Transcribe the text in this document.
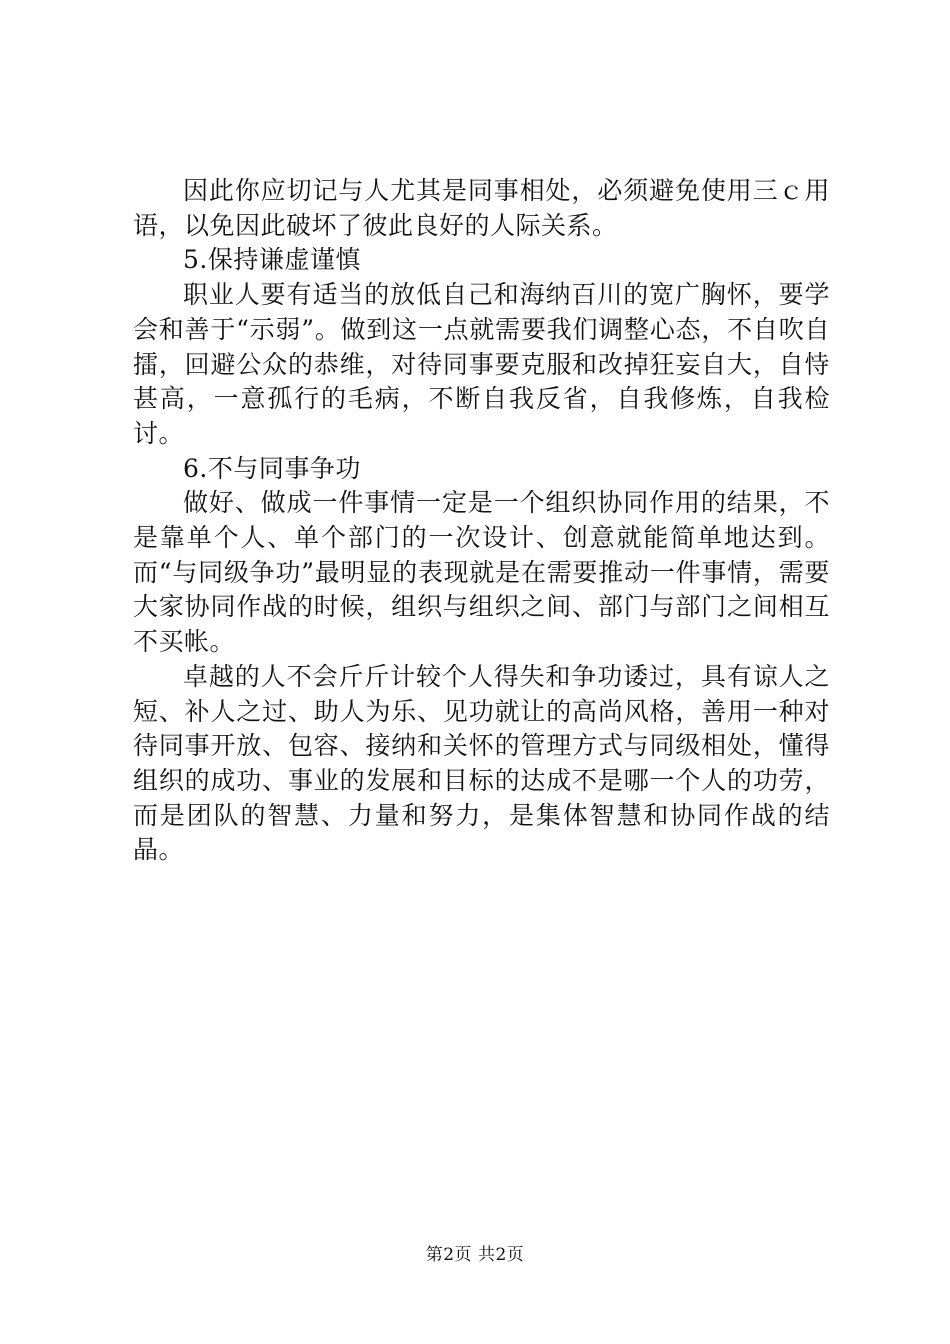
因此你应切记与人尤其是同事相处，必须避免使用三ｃ用语，以免因此破坏了彼此良好的人际关系。

5.保持谦虚谨慎

职业人要有适当的放低自己和海纳百川的宽广胸怀，要学会和善于“示弱”。做到这一点就需要我们调整心态，不自吹自擂，回避公众的恭维，对待同事要克服和改掉狂妄自大，自恃甚高，一意孤行的毛病，不断自我反省，自我修炼，自我检讨。

6.不与同事争功

做好、做成一件事情一定是一个组织协同作用的结果，不是靠单个人、单个部门的一次设计、创意就能简单地达到。而“与同级争功”最明显的表现就是在需要推动一件事情，需要大家协同作战的时候，组织与组织之间、部门与部门之间相互不买帐。

卓越的人不会斤斤计较个人得失和争功诿过，具有谅人之短、补人之过、助人为乐、见功就让的高尚风格，善用一种对待同事开放、包容、接纳和关怀的管理方式与同级相处，懂得组织的成功、事业的发展和目标的达成不是哪一个人的功劳，而是团队的智慧、力量和努力，是集体智慧和协同作战的结晶。

第2页 共2页
